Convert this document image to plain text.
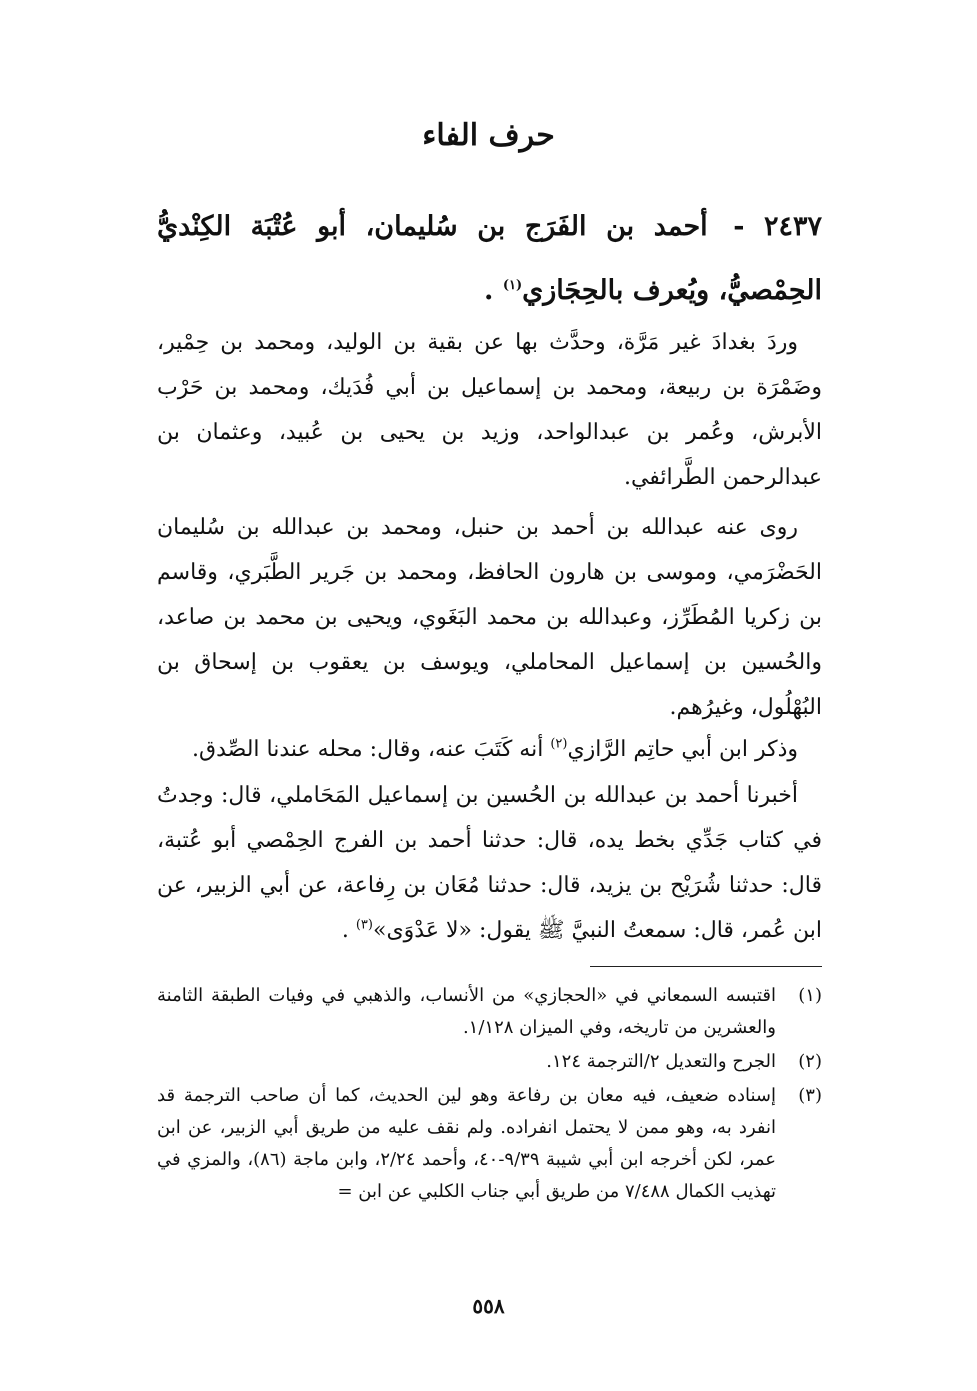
حرف الفاء
٢٤٣٧ - أحمد بن الفَرَج بن سُليمان، أبو عُتْبَة الكِنْديُّ الحِمْصيُّ، ويُعرف بالحِجَازي$^{(١)}$ .

وردَ بغدادَ غير مَرَّة، وحدَّث بها عن بقية بن الوليد، ومحمد بن حِمْير، وضَمْرَة بن ربيعة، ومحمد بن إسماعيل بن أبي فُدَيك، ومحمد بن حَرْب الأبرش، وعُمر بن عبدالواحد، وزيد بن يحيى بن عُبيد، وعثمان بن عبدالرحمن الطَّرائفي.

روى عنه عبدالله بن أحمد بن حنبل، ومحمد بن عبدالله بن سُليمان الحَضْرَمي، وموسى بن هارون الحافظ، ومحمد بن جَرير الطَّبَري، وقاسم بن زكريا المُطَرِّز، وعبدالله بن محمد البَغَوي، ويحيى بن محمد بن صاعد، والحُسين بن إسماعيل المحاملي، ويوسف بن يعقوب بن إسحاق بن البُهْلُول، وغيرُهم.

وذكر ابن أبي حاتِم الرَّازي$^{(٢)}$ أنه كَتَبَ عنه، وقال: محله عندنا الصِّدق.

أخبرنا أحمد بن عبدالله بن الحُسين بن إسماعيل المَحَاملي، قال: وجدتُ في كتاب جَدِّي بخط يده، قال: حدثنا أحمد بن الفرج الحِمْصي أبو عُتبة، قال: حدثنا شُرَيْح بن يزيد، قال: حدثنا مُعَان بن رِفاعة، عن أبي الزبير، عن ابن عُمر، قال: سمعتُ النبيَّ ﷺ يقول: «لا عَدْوَى»$^{(٣)}$ .

(١)
اقتبسه السمعاني في «الحجازي» من الأنساب، والذهبي في وفيات الطبقة الثامنة والعشرين من تاريخه، وفي الميزان ١/١٢٨.
(٢)
الجرح والتعديل ٢/الترجمة ١٢٤.
(٣)
إسناده ضعيف، فيه معان بن رفاعة وهو لين الحديث، كما أن صاحب الترجمة قد انفرد به، وهو ممن لا يحتمل انفراده. ولم نقف عليه من طريق أبي الزبير، عن ابن عمر، لكن أخرجه ابن أبي شيبة ٩/٣٩-٤٠، وأحمد ٢/٢٤، وابن ماجة (٨٦)، والمزي في تهذيب الكمال ٧/٤٨٨ من طريق أبي جناب الكلبي عن ابن =
٥٥٨
